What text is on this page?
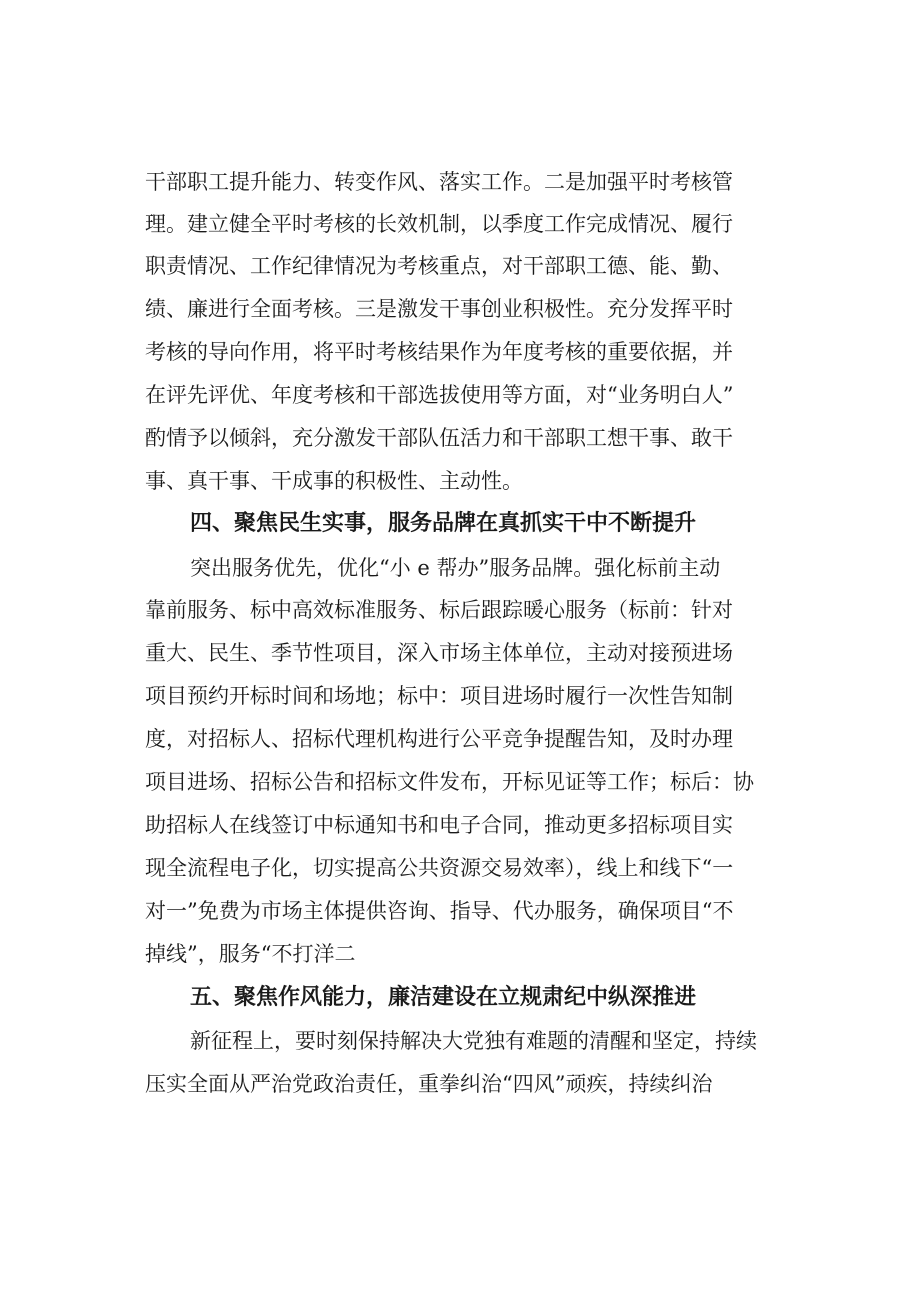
干部职工提升能力、转变作风、落实工作。二是加强平时考核管
理。建立健全平时考核的长效机制，以季度工作完成情况、履行
职责情况、工作纪律情况为考核重点，对干部职工德、能、勤、
绩、廉进行全面考核。三是激发干事创业积极性。充分发挥平时
考核的导向作用，将平时考核结果作为年度考核的重要依据，并
在评先评优、年度考核和干部选拔使用等方面，对“业务明白人”
酌情予以倾斜，充分激发干部队伍活力和干部职工想干事、敢干
事、真干事、干成事的积极性、主动性。
四、聚焦民生实事，服务品牌在真抓实干中不断提升
突出服务优先，优化“小 e 帮办”服务品牌。强化标前主动
靠前服务、标中高效标准服务、标后跟踪暖心服务（标前：针对
重大、民生、季节性项目，深入市场主体单位，主动对接预进场
项目预约开标时间和场地；标中：项目进场时履行一次性告知制
度，对招标人、招标代理机构进行公平竞争提醒告知，及时办理
项目进场、招标公告和招标文件发布，开标见证等工作；标后：协
助招标人在线签订中标通知书和电子合同，推动更多招标项目实
现全流程电子化，切实提高公共资源交易效率），线上和线下“一
对一”免费为市场主体提供咨询、指导、代办服务，确保项目“不
掉线”，服务“不打洋二
五、聚焦作风能力，廉洁建设在立规肃纪中纵深推进
新征程上，要时刻保持解决大党独有难题的清醒和坚定，持续
压实全面从严治党政治责任，重拳纠治“四风”顽疾，持续纠治
